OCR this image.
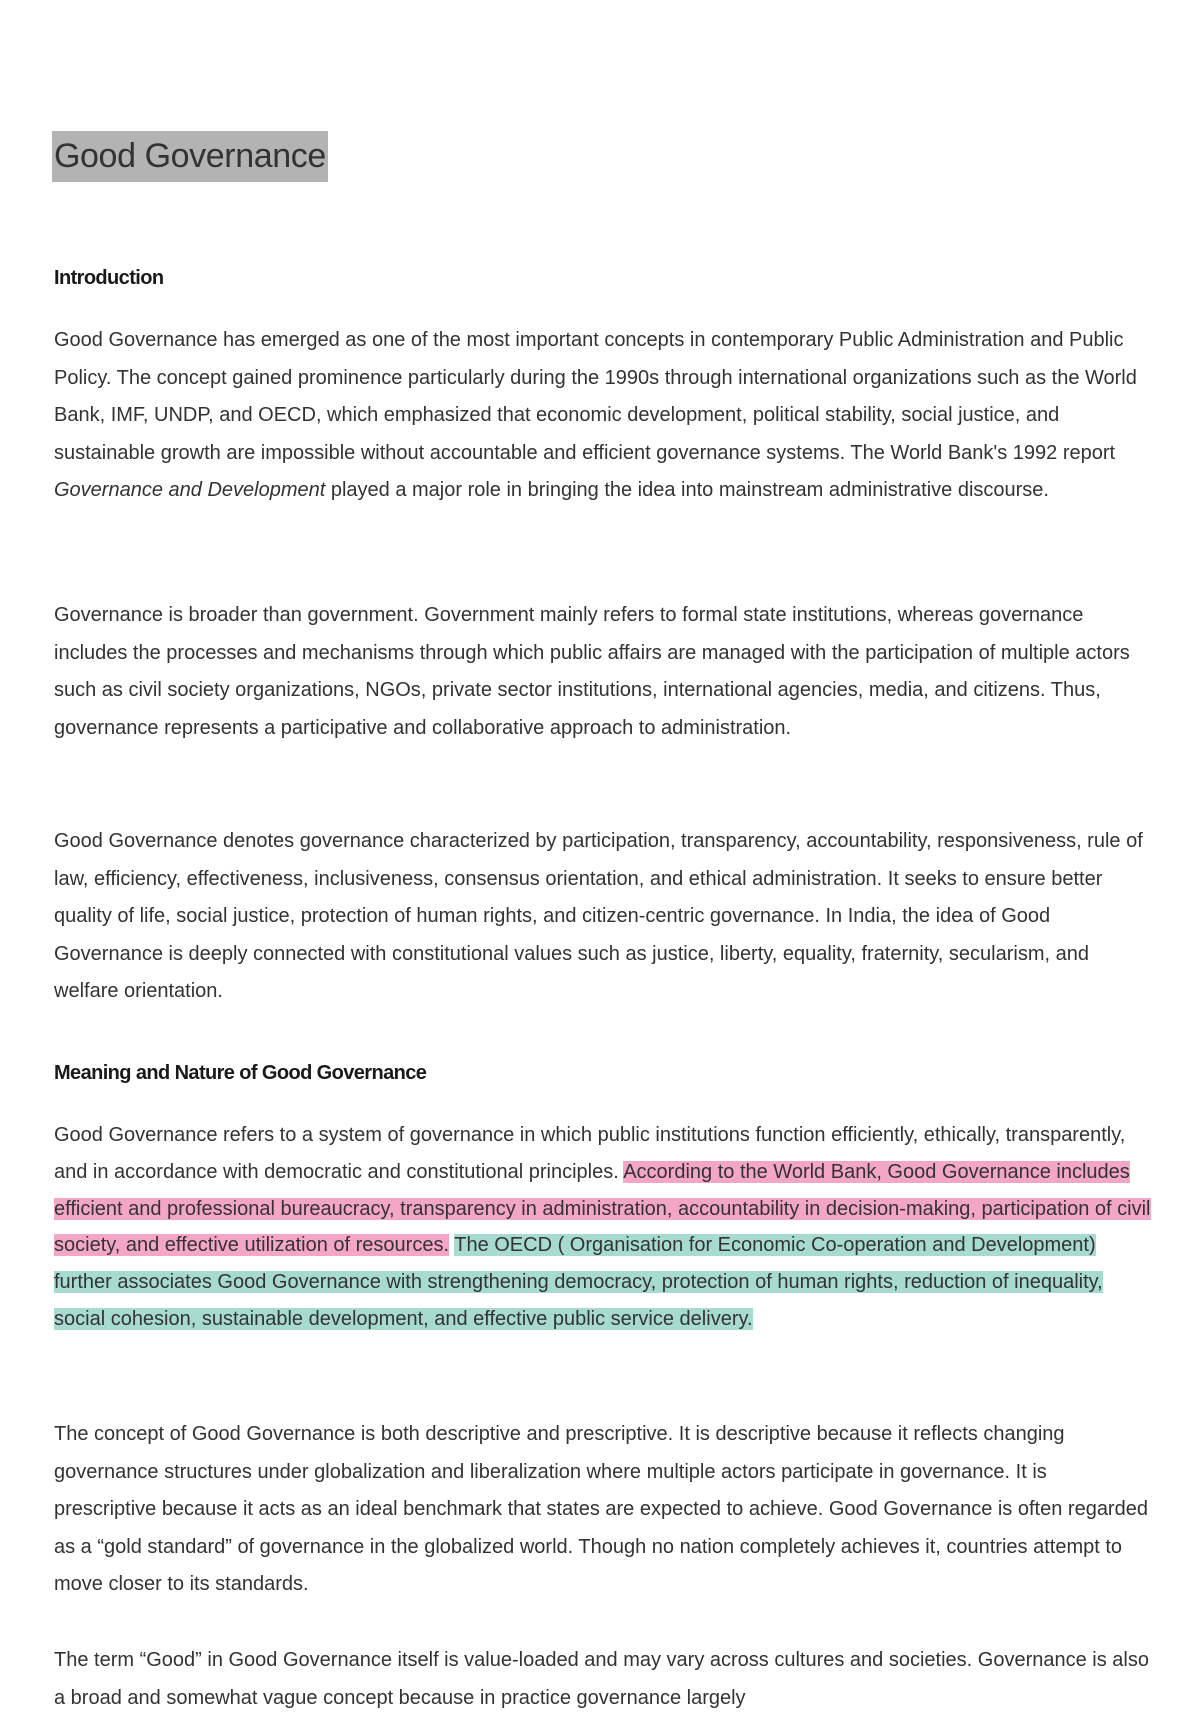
Good Governance
Introduction

Good Governance has emerged as one of the most important concepts in contemporary Public Administration and Public Policy. The concept gained prominence particularly during the 1990s through international organizations such as the World Bank, IMF, UNDP, and OECD, which emphasized that economic development, political stability, social justice, and sustainable growth are impossible without accountable and efficient governance systems. The World Bank's 1992 report Governance and Development played a major role in bringing the idea into mainstream administrative discourse.

Governance is broader than government. Government mainly refers to formal state institutions, whereas governance includes the processes and mechanisms through which public affairs are managed with the participation of multiple actors such as civil society organizations, NGOs, private sector institutions, international agencies, media, and citizens. Thus, governance represents a participative and collaborative approach to administration.

Good Governance denotes governance characterized by participation, transparency, accountability, responsiveness, rule of law, efficiency, effectiveness, inclusiveness, consensus orientation, and ethical administration. It seeks to ensure better quality of life, social justice, protection of human rights, and citizen-centric governance. In India, the idea of Good Governance is deeply connected with constitutional values such as justice, liberty, equality, fraternity, secularism, and welfare orientation.

Meaning and Nature of Good Governance

Good Governance refers to a system of governance in which public institutions function efficiently, ethically, transparently, and in accordance with democratic and constitutional principles. According to the World Bank, Good Governance includes efficient and professional bureaucracy, transparency in administration, accountability in decision-making, participation of civil society, and effective utilization of resources. The OECD ( Organisation for Economic Co-operation and Development) further associates Good Governance with strengthening democracy, protection of human rights, reduction of inequality, social cohesion, sustainable development, and effective public service delivery.

The concept of Good Governance is both descriptive and prescriptive. It is descriptive because it reflects changing governance structures under globalization and liberalization where multiple actors participate in governance. It is prescriptive because it acts as an ideal benchmark that states are expected to achieve. Good Governance is often regarded as a “gold standard” of governance in the globalized world. Though no nation completely achieves it, countries attempt to move closer to its standards.

The term “Good” in Good Governance itself is value-loaded and may vary across cultures and societies. Governance is also a broad and somewhat vague concept because in practice governance largely
